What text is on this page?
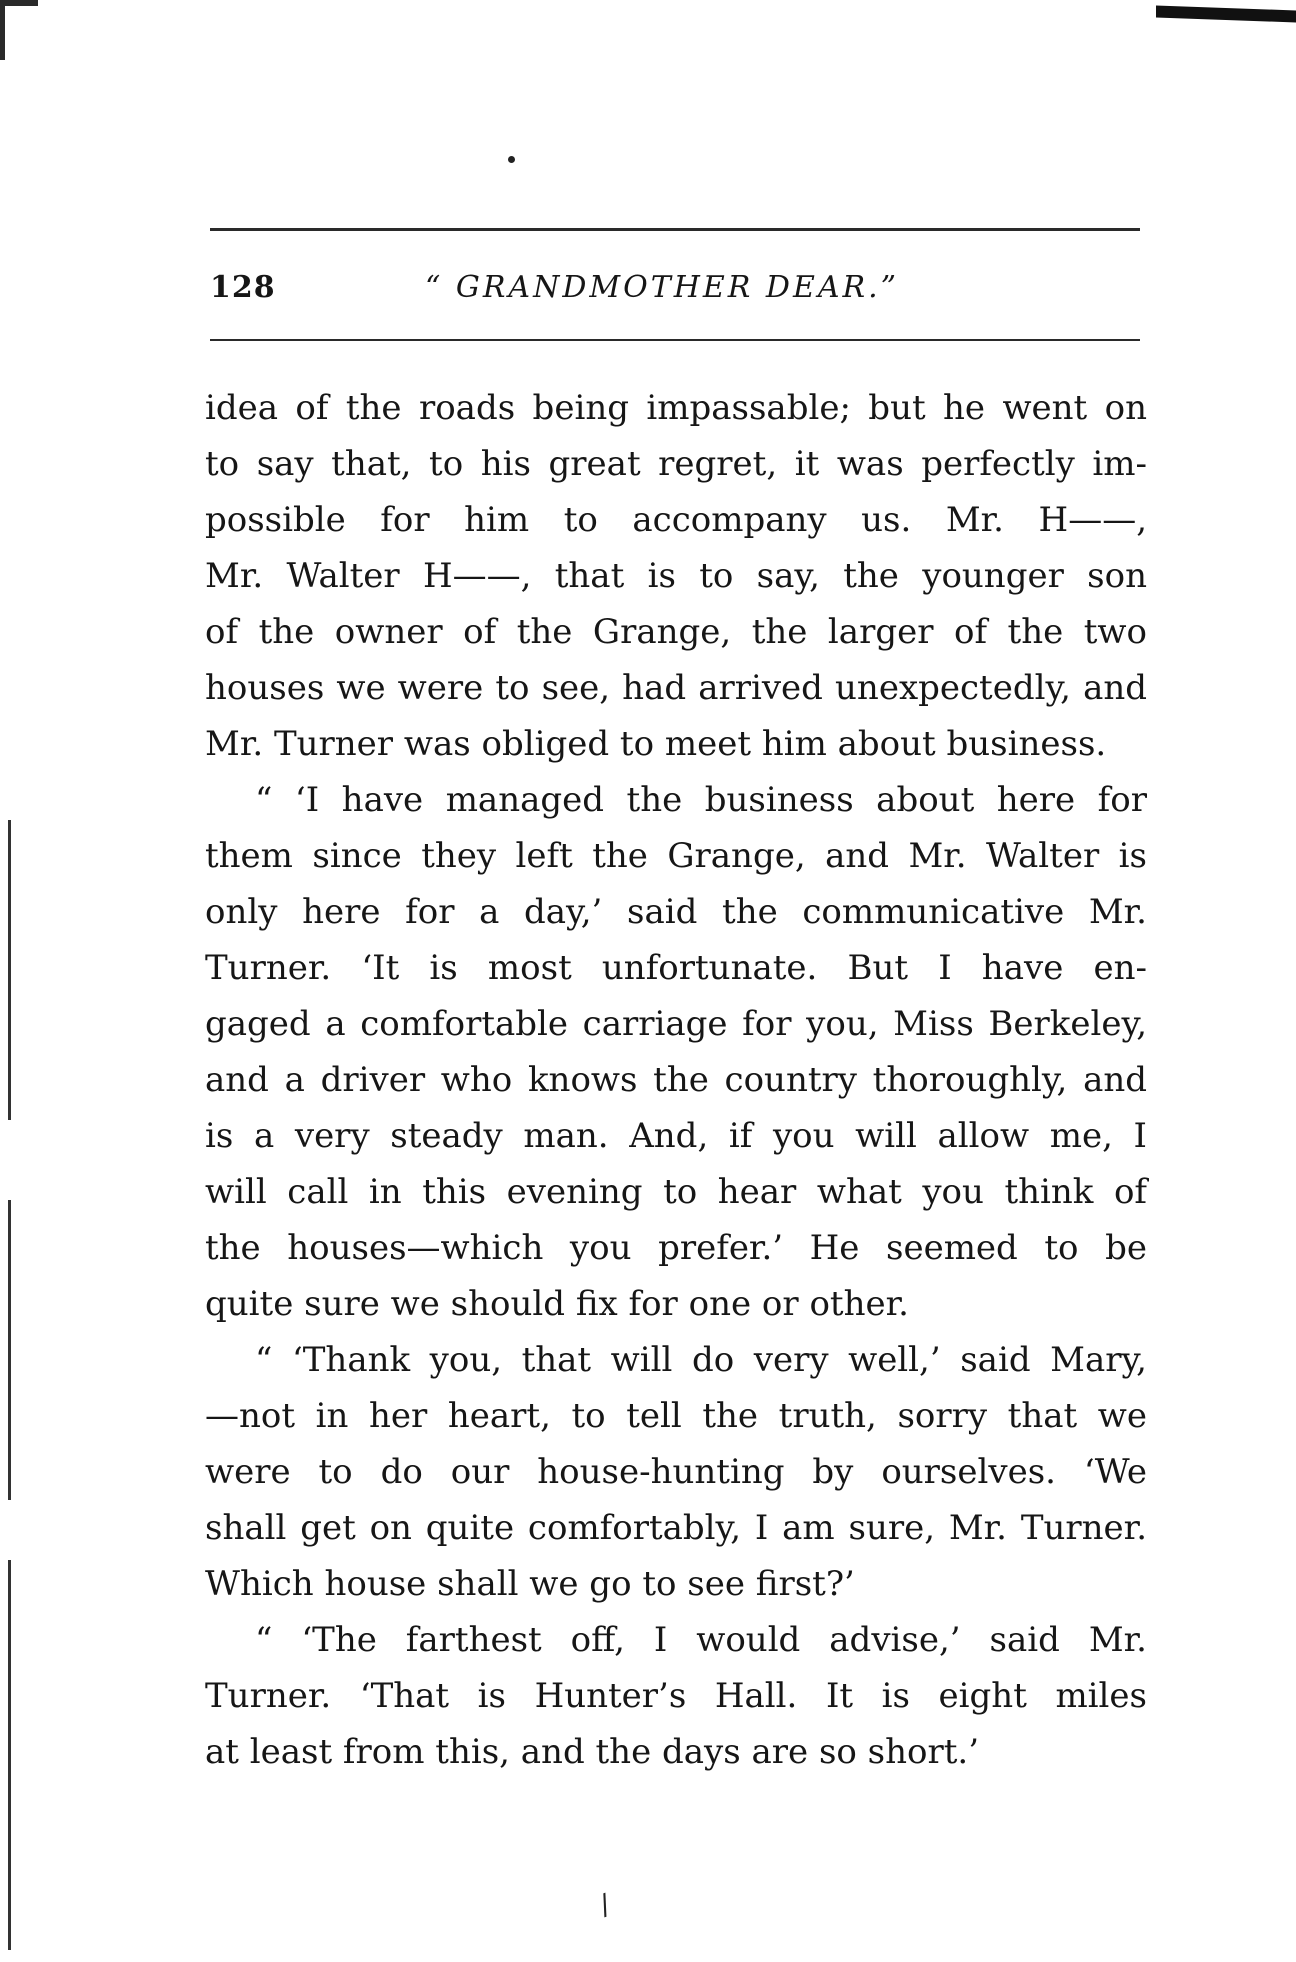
128	“ GRANDMOTHER DEAR.”
idea of the roads being impassable; but he went on
to say that, to his great regret, it was perfectly im-
possible for him to accompany us. Mr. H——,
Mr. Walter H——, that is to say, the younger son
of the owner of the Grange, the larger of the two
houses we were to see, had arrived unexpectedly, and
Mr. Turner was obliged to meet him about business.
“ ‘I have managed the business about here for
them since they left the Grange, and Mr. Walter is
only here for a day,’ said the communicative Mr.
Turner. ‘It is most unfortunate. But I have en-
gaged a comfortable carriage for you, Miss Berkeley,
and a driver who knows the country thoroughly, and
is a very steady man. And, if you will allow me, I
will call in this evening to hear what you think of
the houses—which you prefer.’ He seemed to be
quite sure we should fix for one or other.
“ ‘Thank you, that will do very well,’ said Mary,
—not in her heart, to tell the truth, sorry that we
were to do our house-hunting by ourselves. ‘We
shall get on quite comfortably, I am sure, Mr. Turner.
Which house shall we go to see first?’
“ ‘The farthest off, I would advise,’ said Mr.
Turner. ‘That is Hunter’s Hall. It is eight miles
at least from this, and the days are so short.’
∕
